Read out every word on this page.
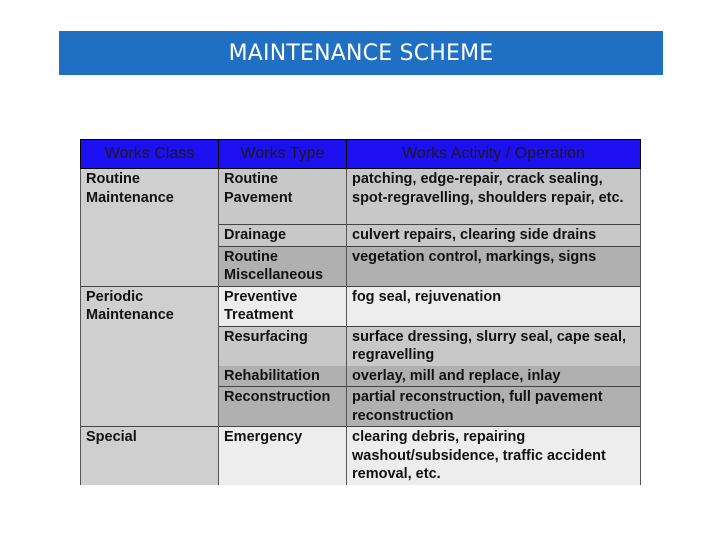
MAINTENANCE SCHEME
Works Class	Works Type	Works Activity / Operation
Routine Maintenance	Routine Pavement	patching, edge-repair, crack sealing, spot-regravelling, shoulders repair, etc.
	Drainage	culvert repairs, clearing side drains
	Routine Miscellaneous	vegetation control, markings, signs
Periodic Maintenance	Preventive Treatment	fog seal, rejuvenation
	Resurfacing	surface dressing, slurry seal, cape seal, regravelling
	Rehabilitation	overlay, mill and replace, inlay
	Reconstruction	partial reconstruction, full pavement reconstruction
Special	Emergency	clearing debris, repairing washout/subsidence, traffic accident removal, etc.
